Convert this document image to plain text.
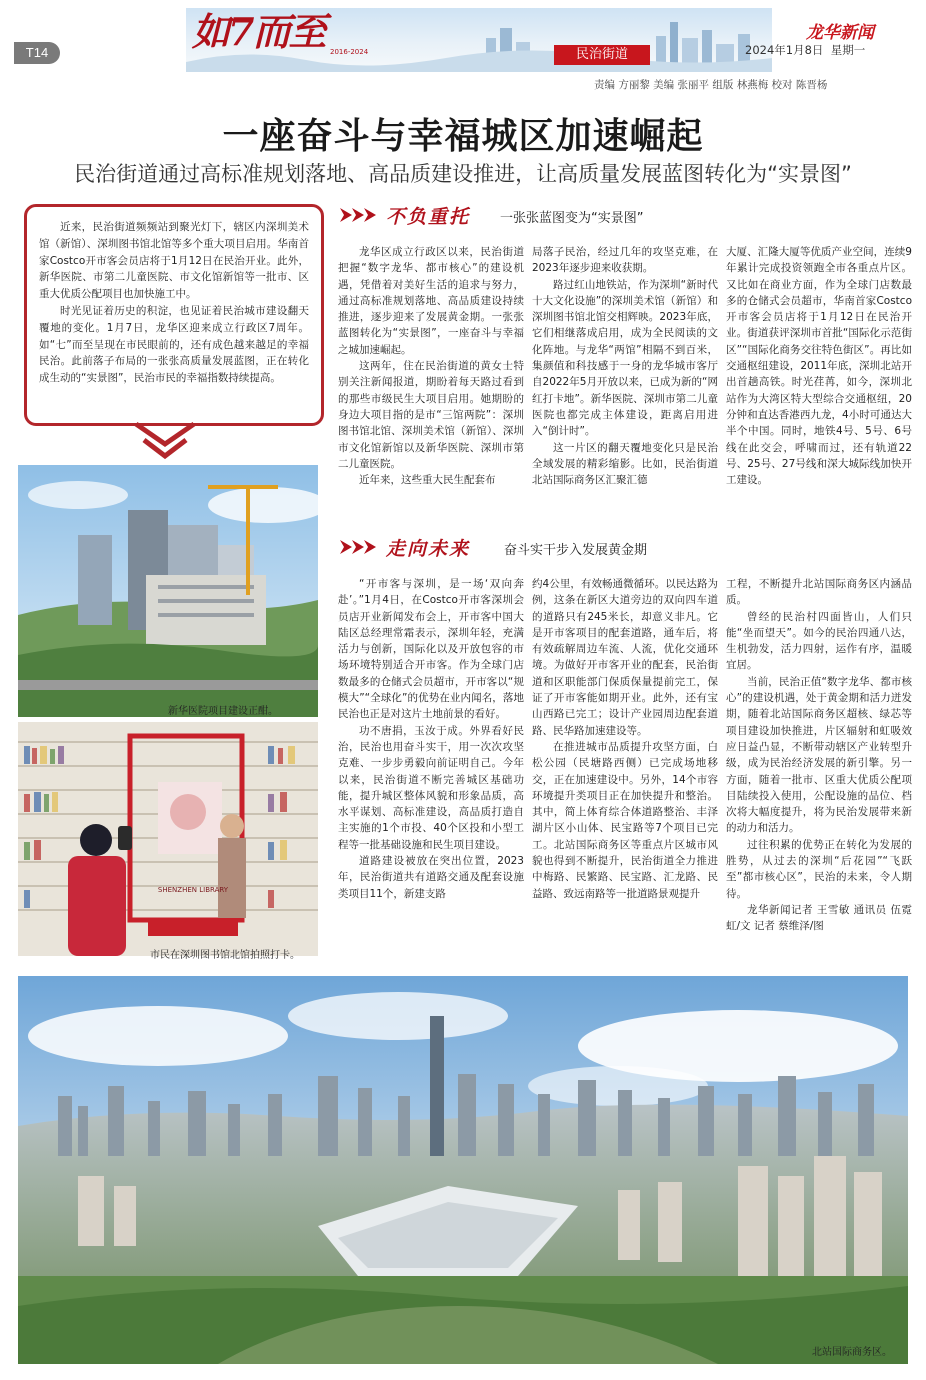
T14	如7而至 2016-2024	民治街道
龙华新闻
2024年1月8日 星期一
责编 方丽黎 美编 张丽平 组版 林燕梅 校对 陈晋杨
一座奋斗与幸福城区加速崛起
民治街道通过高标准规划落地、高品质建设推进，让高质量发展蓝图转化为“实景图”

近来，民治街道频频站到聚光灯下，辖区内深圳美术馆（新馆）、深圳图书馆北馆等多个重大项目启用。华南首家Costco开市客会员店将于1月12日在民治开业。此外，新华医院、市第二儿童医院、市文化馆新馆等一批市、区重大优质公配项目也加快施工中。

时光见证着历史的积淀，也见证着民治城市建设翻天覆地的变化。1月7日，龙华区迎来成立行政区7周年。如“七”而至呈现在市民眼前的，还有成色越来越足的幸福民治。此前落子布局的一张张高质量发展蓝图，正在转化成生动的“实景图”，民治市民的幸福指数持续提高。

新华医院项目建设正酣。
SHENZHEN LIBRARY
市民在深圳图书馆北馆拍照打卡。
不负重托 一张张蓝图变为“实景图”

龙华区成立行政区以来，民治街道把握“数字龙华、都市核心”的建设机遇，凭借着对美好生活的追求与努力，通过高标准规划落地、高品质建设持续推进，逐步迎来了发展黄金期。一张张蓝图转化为“实景图”，一座奋斗与幸福之城加速崛起。

这两年，住在民治街道的黄女士特别关注新闻报道，期盼着每天路过看到的那些市级民生大项目启用。她期盼的身边大项目指的是市“三馆两院”：深圳图书馆北馆、深圳美术馆（新馆）、深圳市文化馆新馆以及新华医院、深圳市第二儿童医院。

近年来，这些重大民生配套布

局落子民治，经过几年的攻坚克难，在2023年逐步迎来收获期。

路过红山地铁站，作为深圳“新时代十大文化设施”的深圳美术馆（新馆）和深圳图书馆北馆交相辉映。2023年底，它们相继落成启用，成为全民阅读的文化阵地。与龙华“两馆”相隔不到百米，集颜值和科技感于一身的龙华城市客厅自2022年5月开放以来，已成为新的“网红打卡地”。新华医院、深圳市第二儿童医院也都完成主体建设，距离启用进入“倒计时”。

这一片区的翻天覆地变化只是民治全域发展的精彩缩影。比如，民治街道北站国际商务区汇聚汇德

大厦、汇隆大厦等优质产业空间，连续9年累计完成投资领跑全市各重点片区。又比如在商业方面，作为全球门店数最多的仓储式会员超市，华南首家Costco开市客会员店将于1月12日在民治开业。街道获评深圳市首批“国际化示范街区”“国际化商务交往特色街区”。再比如交通枢纽建设，2011年底，深圳北站开出首趟高铁。时光荏苒，如今，深圳北站作为大湾区特大型综合交通枢纽，20分钟和直达香港西九龙，4小时可通达大半个中国。同时，地铁4号、5号、6号线在此交会，呼啸而过，还有轨道22号、25号、27号线和深大城际线加快开工建设。

走向未来	奋斗实干步入发展黄金期

“开市客与深圳，是一场‘双向奔赴’。”1月4日，在Costco开市客深圳会员店开业新闻发布会上，开市客中国大陆区总经理常霜表示，深圳年轻，充满活力与创新，国际化以及开放包容的市场环境特别适合开市客。作为全球门店数最多的仓储式会员超市，开市客以“规模大”“全球化”的优势在业内闻名，落地民治也正是对这片土地前景的看好。

功不唐捐，玉汝于成。外界看好民治，民治也用奋斗实干，用一次次攻坚克难、一步步勇毅向前证明自己。今年以来，民治街道不断完善城区基础功能，提升城区整体风貌和形象品质，高水平谋划、高标准建设，高品质打造自主实施的1个市投、40个区投和小型工程等一批基础设施和民生项目建设。

道路建设被放在突出位置，2023年，民治街道共有道路交通及配套设施类项目11个，新建支路

约4公里，有效畅通微循环。以民达路为例，这条在新区大道旁边的双向四车道的道路只有245米长，却意义非凡。它是开市客项目的配套道路，通车后，将有效疏解周边车流、人流，优化交通环境。为做好开市客开业的配套，民治街道和区职能部门保质保量提前完工，保证了开市客能如期开业。此外，还有宝山西路已完工；设计产业园周边配套道路、民华路加速建设等。

在推进城市品质提升攻坚方面，白松公园（民塘路西侧）已完成场地移交，正在加速建设中。另外，14个市容环境提升类项目正在加快提升和整治。其中，简上体育综合体道路整治、丰泽湖片区小山体、民宝路等7个项目已完工。北站国际商务区等重点片区城市风貌也得到不断提升，民治街道全力推进中梅路、民繁路、民宝路、汇龙路、民益路、致远南路等一批道路景观提升

工程，不断提升北站国际商务区内涵品质。

曾经的民治村四面皆山，人们只能“坐而望天”。如今的民治四通八达，生机勃发，活力四射，运作有序，温暖宜居。

当前，民治正值“数字龙华、都市核心”的建设机遇，处于黄金期和活力迸发期，随着北站国际商务区超核、绿芯等项目建设加快推进，片区辐射和虹吸效应日益凸显，不断带动辖区产业转型升级，成为民治经济发展的新引擎。另一方面，随着一批市、区重大优质公配项目陆续投入使用，公配设施的品位、档次将大幅度提升，将为民治发展带来新的动力和活力。

过往积累的优势正在转化为发展的胜势，从过去的深圳“后花园”“飞跃至”都市核心区”，民治的未来，令人期待。

龙华新闻记者 王雪敏 通讯员 伍霓虹/文 记者 蔡维泽/图

北站国际商务区。
